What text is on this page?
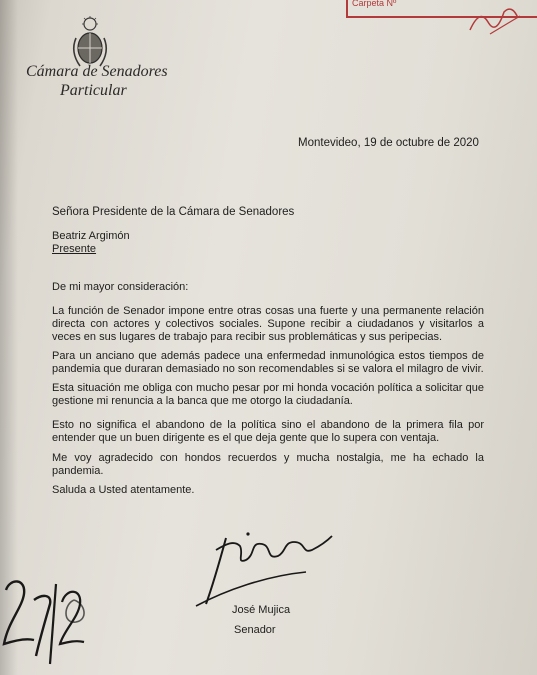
Carpeta Nº
Cámara de Senadores
Particular
Montevideo, 19 de octubre de 2020
Señora Presidente de la Cámara de Senadores
Beatriz Argimón
Presente
De mi mayor consideración:
La función de Senador impone entre otras cosas una fuerte y una permanente relación directa con actores y colectivos sociales. Supone recibir a ciudadanos y visitarlos a veces en sus lugares de trabajo para recibir sus problemáticas y sus peripecias.
Para un anciano que además padece una enfermedad inmunológica estos tiempos de pandemia que duraran demasiado no son recomendables si se valora el milagro de vivir.
Esta situación me obliga con mucho pesar por mi honda vocación política a solicitar que gestione mi renuncia a la banca que me otorgo la ciudadanía.
Esto no significa el abandono de la política sino el abandono de la primera fila por entender que un buen dirigente es el que deja gente que lo supera con ventaja.
Me voy agradecido con hondos recuerdos y mucha nostalgia, me ha echado la pandemia.
Saluda a Usted atentamente.
José Mujica
Senador
